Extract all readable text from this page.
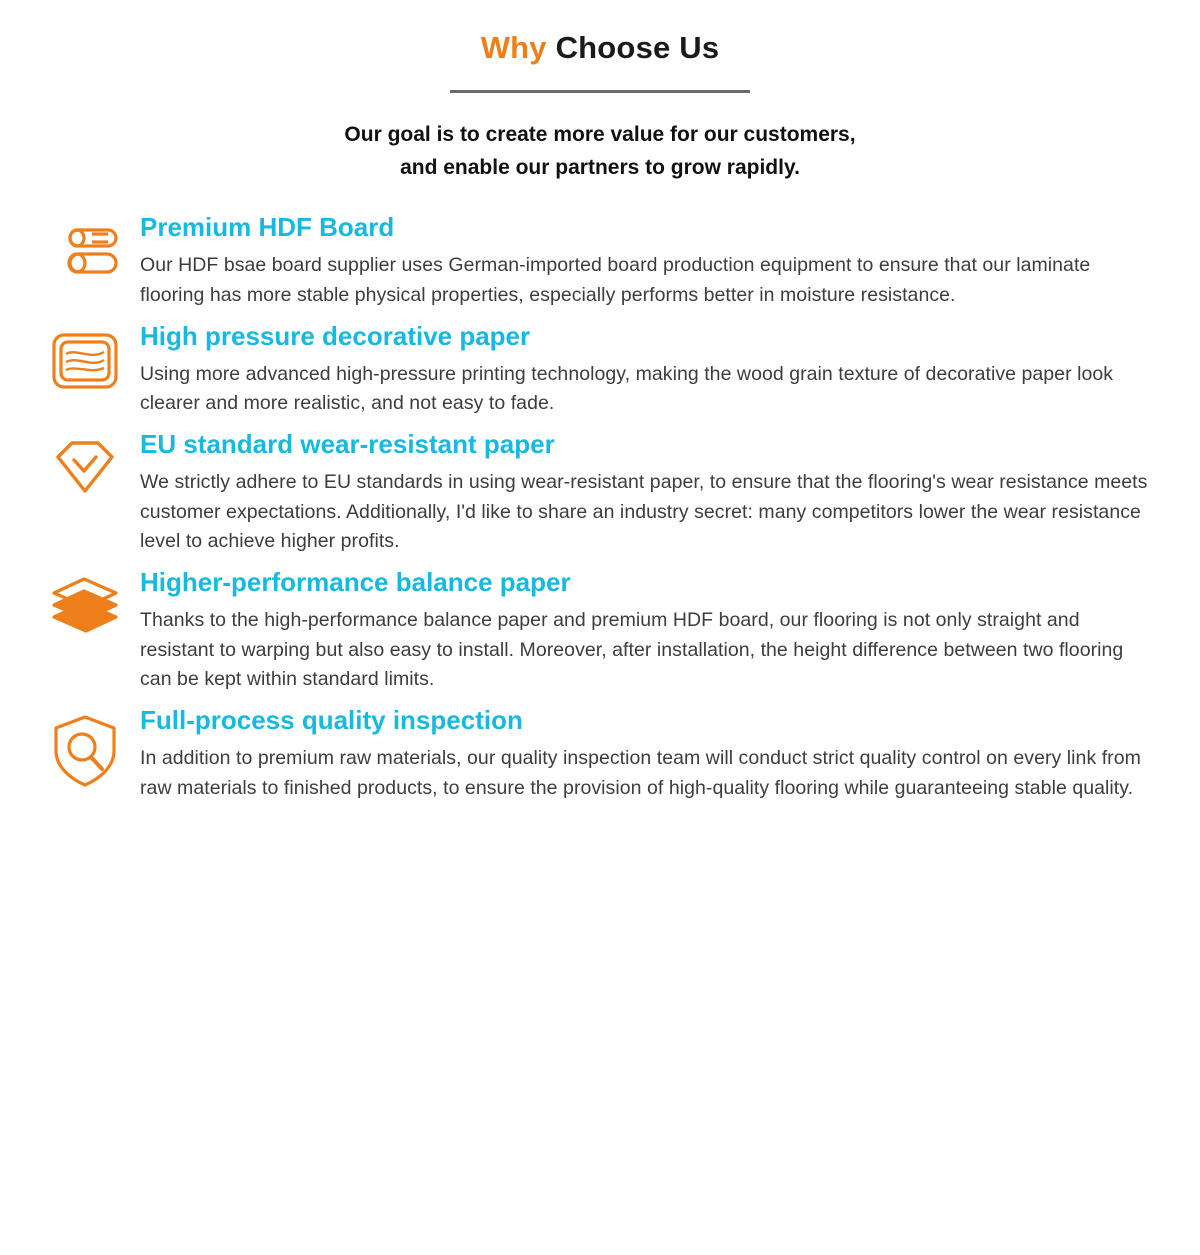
Why Choose Us
Our goal is to create more value for our customers,
and enable our partners to grow rapidly.
Premium HDF Board

Our HDF bsae board supplier uses German-imported board production equipment to ensure that our laminate flooring has more stable physical properties, especially performs better in moisture resistance.

High pressure decorative paper

Using more advanced high-pressure printing technology, making the wood grain texture of decorative paper look clearer and more realistic, and not easy to fade.

EU standard wear-resistant paper

We strictly adhere to EU standards in using wear-resistant paper, to ensure that the flooring's wear resistance meets customer expectations. Additionally, I'd like to share an industry secret: many competitors lower the wear resistance level to achieve higher profits.

Higher-performance balance paper

Thanks to the high-performance balance paper and premium HDF board, our flooring is not only straight and resistant to warping but also easy to install. Moreover, after installation, the height difference between two flooring can be kept within standard limits.

Full-process quality inspection

In addition to premium raw materials, our quality inspection team will conduct strict quality control on every link from raw materials to finished products, to ensure the provision of high-quality flooring while guaranteeing stable quality.
